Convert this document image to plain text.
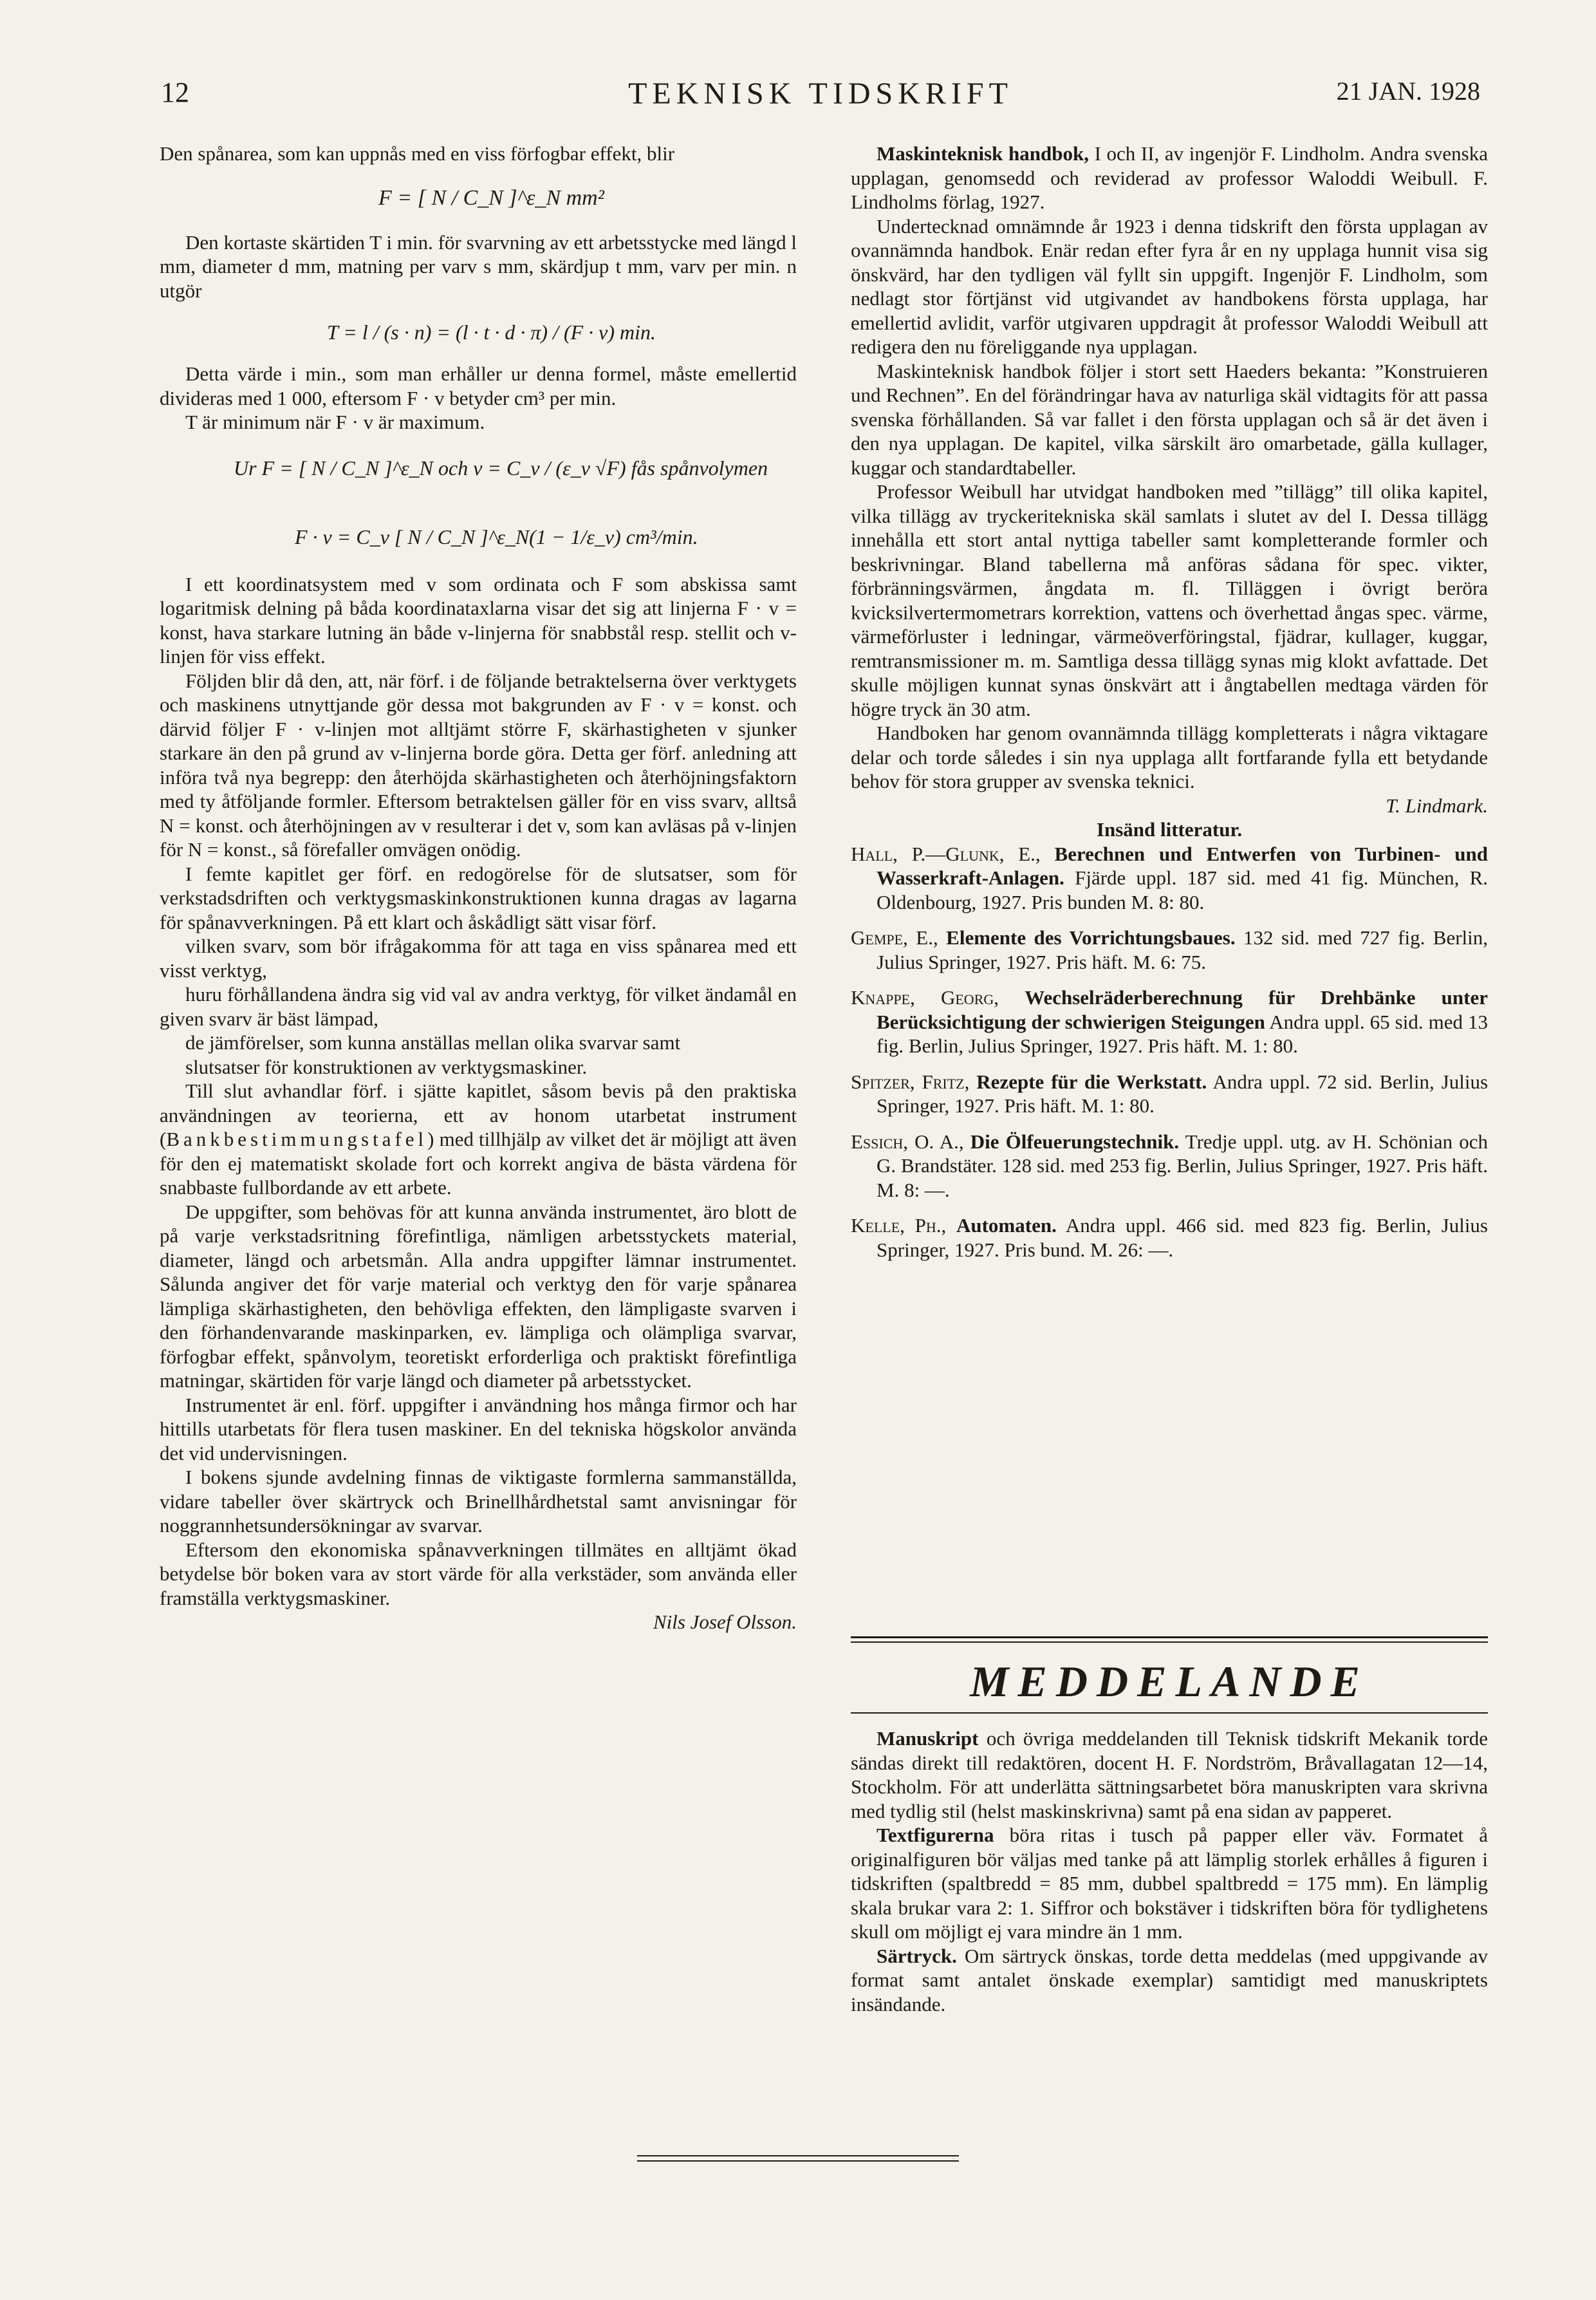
12	TEKNISK TIDSKRIFT	21 JAN. 1928

Den spånarea, som kan uppnås med en viss förfogbar effekt, blir

F = [ N / C_N ]^ε_N mm²

Den kortaste skärtiden T i min. för svarvning av ett arbetsstycke med längd l mm, diameter d mm, matning per varv s mm, skärdjup t mm, varv per min. n utgör

T = l / (s · n) = (l · t · d · π) / (F · v) min.

Detta värde i min., som man erhåller ur denna formel, måste emellertid divideras med 1 000, eftersom F · v betyder cm³ per min.

T är minimum när F · v är maximum.

Ur F = [ N / C_N ]^ε_N och v = C_v / (ε_v √F) fås spånvolymen

F · v = C_v [ N / C_N ]^ε_N(1 − 1/ε_v) cm³/min.

I ett koordinatsystem med v som ordinata och F som abskissa samt logaritmisk delning på båda koordinataxlarna visar det sig att linjerna F · v = konst, hava starkare lutning än både v-linjerna för snabbstål resp. stellit och v-linjen för viss effekt.

Följden blir då den, att, när förf. i de följande betraktelserna över verktygets och maskinens utnyttjande gör dessa mot bakgrunden av F · v = konst. och därvid följer F · v-linjen mot alltjämt större F, skärhastigheten v sjunker starkare än den på grund av v-linjerna borde göra. Detta ger förf. anledning att införa två nya begrepp: den återhöjda skärhastigheten och återhöjningsfaktorn med ty åtföljande formler. Eftersom betraktelsen gäller för en viss svarv, alltså N = konst. och återhöjningen av v resulterar i det v, som kan avläsas på v-linjen för N = konst., så förefaller omvägen onödig.

I femte kapitlet ger förf. en redogörelse för de slutsatser, som för verkstadsdriften och verktygsmaskinkonstruktionen kunna dragas av lagarna för spånavverkningen. På ett klart och åskådligt sätt visar förf.

vilken svarv, som bör ifrågakomma för att taga en viss spånarea med ett visst verktyg,

huru förhållandena ändra sig vid val av andra verktyg, för vilket ändamål en given svarv är bäst lämpad,

de jämförelser, som kunna anställas mellan olika svarvar samt

slutsatser för konstruktionen av verktygsmaskiner.

Till slut avhandlar förf. i sjätte kapitlet, såsom bevis på den praktiska användningen av teorierna, ett av honom utarbetat instrument (Bankbestimmungstafel) med tillhjälp av vilket det är möjligt att även för den ej matematiskt skolade fort och korrekt angiva de bästa värdena för snabbaste fullbordande av ett arbete.

De uppgifter, som behövas för att kunna använda instrumentet, äro blott de på varje verkstadsritning förefintliga, nämligen arbetsstyckets material, diameter, längd och arbetsmån. Alla andra uppgifter lämnar instrumentet. Sålunda angiver det för varje material och verktyg den för varje spånarea lämpliga skärhastigheten, den behövliga effekten, den lämpligaste svarven i den förhandenvarande maskinparken, ev. lämpliga och olämpliga svarvar, förfogbar effekt, spånvolym, teoretiskt erforderliga och praktiskt förefintliga matningar, skärtiden för varje längd och diameter på arbetsstycket.

Instrumentet är enl. förf. uppgifter i användning hos många firmor och har hittills utarbetats för flera tusen maskiner. En del tekniska högskolor använda det vid undervisningen.

I bokens sjunde avdelning finnas de viktigaste formlerna sammanställda, vidare tabeller över skärtryck och Brinellhårdhetstal samt anvisningar för noggrannhetsundersökningar av svarvar.

Eftersom den ekonomiska spånavverkningen tillmätes en alltjämt ökad betydelse bör boken vara av stort värde för alla verkstäder, som använda eller framställa verktygsmaskiner.

Nils Josef Olsson.

Maskinteknisk handbok, I och II, av ingenjör F. Lindholm. Andra svenska upplagan, genomsedd och reviderad av professor Waloddi Weibull. F. Lindholms förlag, 1927.

Undertecknad omnämnde år 1923 i denna tidskrift den första upplagan av ovannämnda handbok. Enär redan efter fyra år en ny upplaga hunnit visa sig önskvärd, har den tydligen väl fyllt sin uppgift. Ingenjör F. Lindholm, som nedlagt stor förtjänst vid utgivandet av handbokens första upplaga, har emellertid avlidit, varför utgivaren uppdragit åt professor Waloddi Weibull att redigera den nu föreliggande nya upplagan.

Maskinteknisk handbok följer i stort sett Haeders bekanta: ”Konstruieren und Rechnen”. En del förändringar hava av naturliga skäl vidtagits för att passa svenska förhållanden. Så var fallet i den första upplagan och så är det även i den nya upplagan. De kapitel, vilka särskilt äro omarbetade, gälla kullager, kuggar och standardtabeller.

Professor Weibull har utvidgat handboken med ”tillägg” till olika kapitel, vilka tillägg av tryckeritekniska skäl samlats i slutet av del I. Dessa tillägg innehålla ett stort antal nyttiga tabeller samt kompletterande formler och beskrivningar. Bland tabellerna må anföras sådana för spec. vikter, förbränningsvärmen, ångdata m. fl. Tilläggen i övrigt beröra kvicksilvertermometrars korrektion, vattens och överhettad ångas spec. värme, värmeförluster i ledningar, värmeöverföringstal, fjädrar, kullager, kuggar, remtransmissioner m. m. Samtliga dessa tillägg synas mig klokt avfattade. Det skulle möjligen kunnat synas önskvärt att i ångtabellen medtaga värden för högre tryck än 30 atm.

Handboken har genom ovannämnda tillägg kompletterats i några viktagare delar och torde således i sin nya upplaga allt fortfarande fylla ett betydande behov för stora grupper av svenska teknici.

T. Lindmark.

Insänd litteratur.

Hall, P.—Glunk, E., Berechnen und Entwerfen von Turbinen- und Wasserkraft-Anlagen. Fjärde uppl. 187 sid. med 41 fig. München, R. Oldenbourg, 1927. Pris bunden M. 8: 80.

Gempe, E., Elemente des Vorrichtungsbaues. 132 sid. med 727 fig. Berlin, Julius Springer, 1927. Pris häft. M. 6: 75.

Knappe, Georg, Wechselräderberechnung für Drehbänke unter Berücksichtigung der schwierigen Steigungen Andra uppl. 65 sid. med 13 fig. Berlin, Julius Springer, 1927. Pris häft. M. 1: 80.

Spitzer, Fritz, Rezepte für die Werkstatt. Andra uppl. 72 sid. Berlin, Julius Springer, 1927. Pris häft. M. 1: 80.

Essich, O. A., Die Ölfeuerungstechnik. Tredje uppl. utg. av H. Schönian och G. Brandstäter. 128 sid. med 253 fig. Berlin, Julius Springer, 1927. Pris häft. M. 8: —.

Kelle, Ph., Automaten. Andra uppl. 466 sid. med 823 fig. Berlin, Julius Springer, 1927. Pris bund. M. 26: —.

MEDDELANDE

Manuskript och övriga meddelanden till Teknisk tidskrift Mekanik torde sändas direkt till redaktören, docent H. F. Nordström, Bråvallagatan 12—14, Stockholm. För att underlätta sättningsarbetet böra manuskripten vara skrivna med tydlig stil (helst maskinskrivna) samt på ena sidan av papperet.

Textfigurerna böra ritas i tusch på papper eller väv. Formatet å originalfiguren bör väljas med tanke på att lämplig storlek erhålles å figuren i tidskriften (spaltbredd = 85 mm, dubbel spaltbredd = 175 mm). En lämplig skala brukar vara 2: 1. Siffror och bokstäver i tidskriften böra för tydlighetens skull om möjligt ej vara mindre än 1 mm.

Särtryck. Om särtryck önskas, torde detta meddelas (med uppgivande av format samt antalet önskade exemplar) samtidigt med manuskriptets insändande.
